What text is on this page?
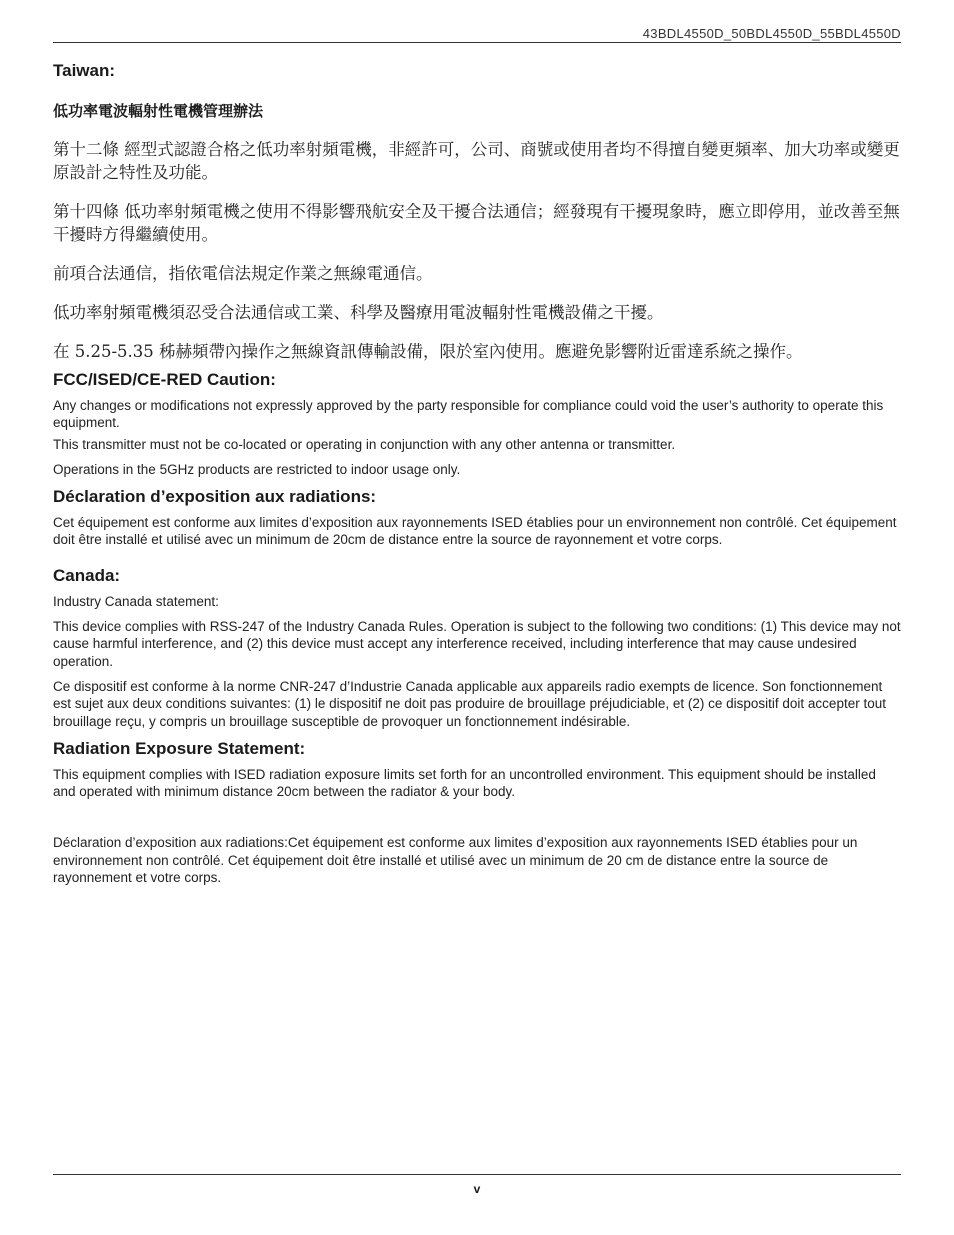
43BDL4550D_50BDL4550D_55BDL4550D
Taiwan:
低功率電波輻射性電機管理辦法

第十二條 經型式認證合格之低功率射頻電機，非經許可，公司、商號或使用者均不得擅自變更頻率、加大功率或變更原設計之特性及功能。

第十四條 低功率射頻電機之使用不得影響飛航安全及干擾合法通信；經發現有干擾現象時，應立即停用，並改善至無干擾時方得繼續使用。

前項合法通信，指依電信法規定作業之無線電通信。

低功率射頻電機須忍受合法通信或工業、科學及醫療用電波輻射性電機設備之干擾。

在 5.25-5.35 秭赫頻帶內操作之無線資訊傳輸設備，限於室內使用。應避免影響附近雷達系統之操作。

FCC/ISED/CE-RED Caution:

Any changes or modifications not expressly approved by the party responsible for compliance could void the user’s authority to operate this equipment.

This transmitter must not be co-located or operating in conjunction with any other antenna or transmitter.

Operations in the 5GHz products are restricted to indoor usage only.

Déclaration d’exposition aux radiations:

Cet équipement est conforme aux limites d’exposition aux rayonnements ISED établies pour un environnement non contrôlé. Cet équipement doit être installé et utilisé avec un minimum de 20cm de distance entre la source de rayonnement et votre corps.

Canada:

Industry Canada statement:

This device complies with RSS-247 of the Industry Canada Rules. Operation is subject to the following two conditions: (1) This device may not cause harmful interference, and (2) this device must accept any interference received, including interference that may cause undesired operation.

Ce dispositif est conforme à la norme CNR-247 d’Industrie Canada applicable aux appareils radio exempts de licence. Son fonctionnement est sujet aux deux conditions suivantes: (1) le dispositif ne doit pas produire de brouillage préjudiciable, et (2) ce dispositif doit accepter tout brouillage reçu, y compris un brouillage susceptible de provoquer un fonctionnement indésirable.

Radiation Exposure Statement:

This equipment complies with ISED radiation exposure limits set forth for an uncontrolled environment. This equipment should be installed and operated with minimum distance 20cm between the radiator & your body.

Déclaration d’exposition aux radiations:Cet équipement est conforme aux limites d’exposition aux rayonnements ISED établies pour un environnement non contrôlé. Cet équipement doit être installé et utilisé avec un minimum de 20 cm de distance entre la source de rayonnement et votre corps.

v
